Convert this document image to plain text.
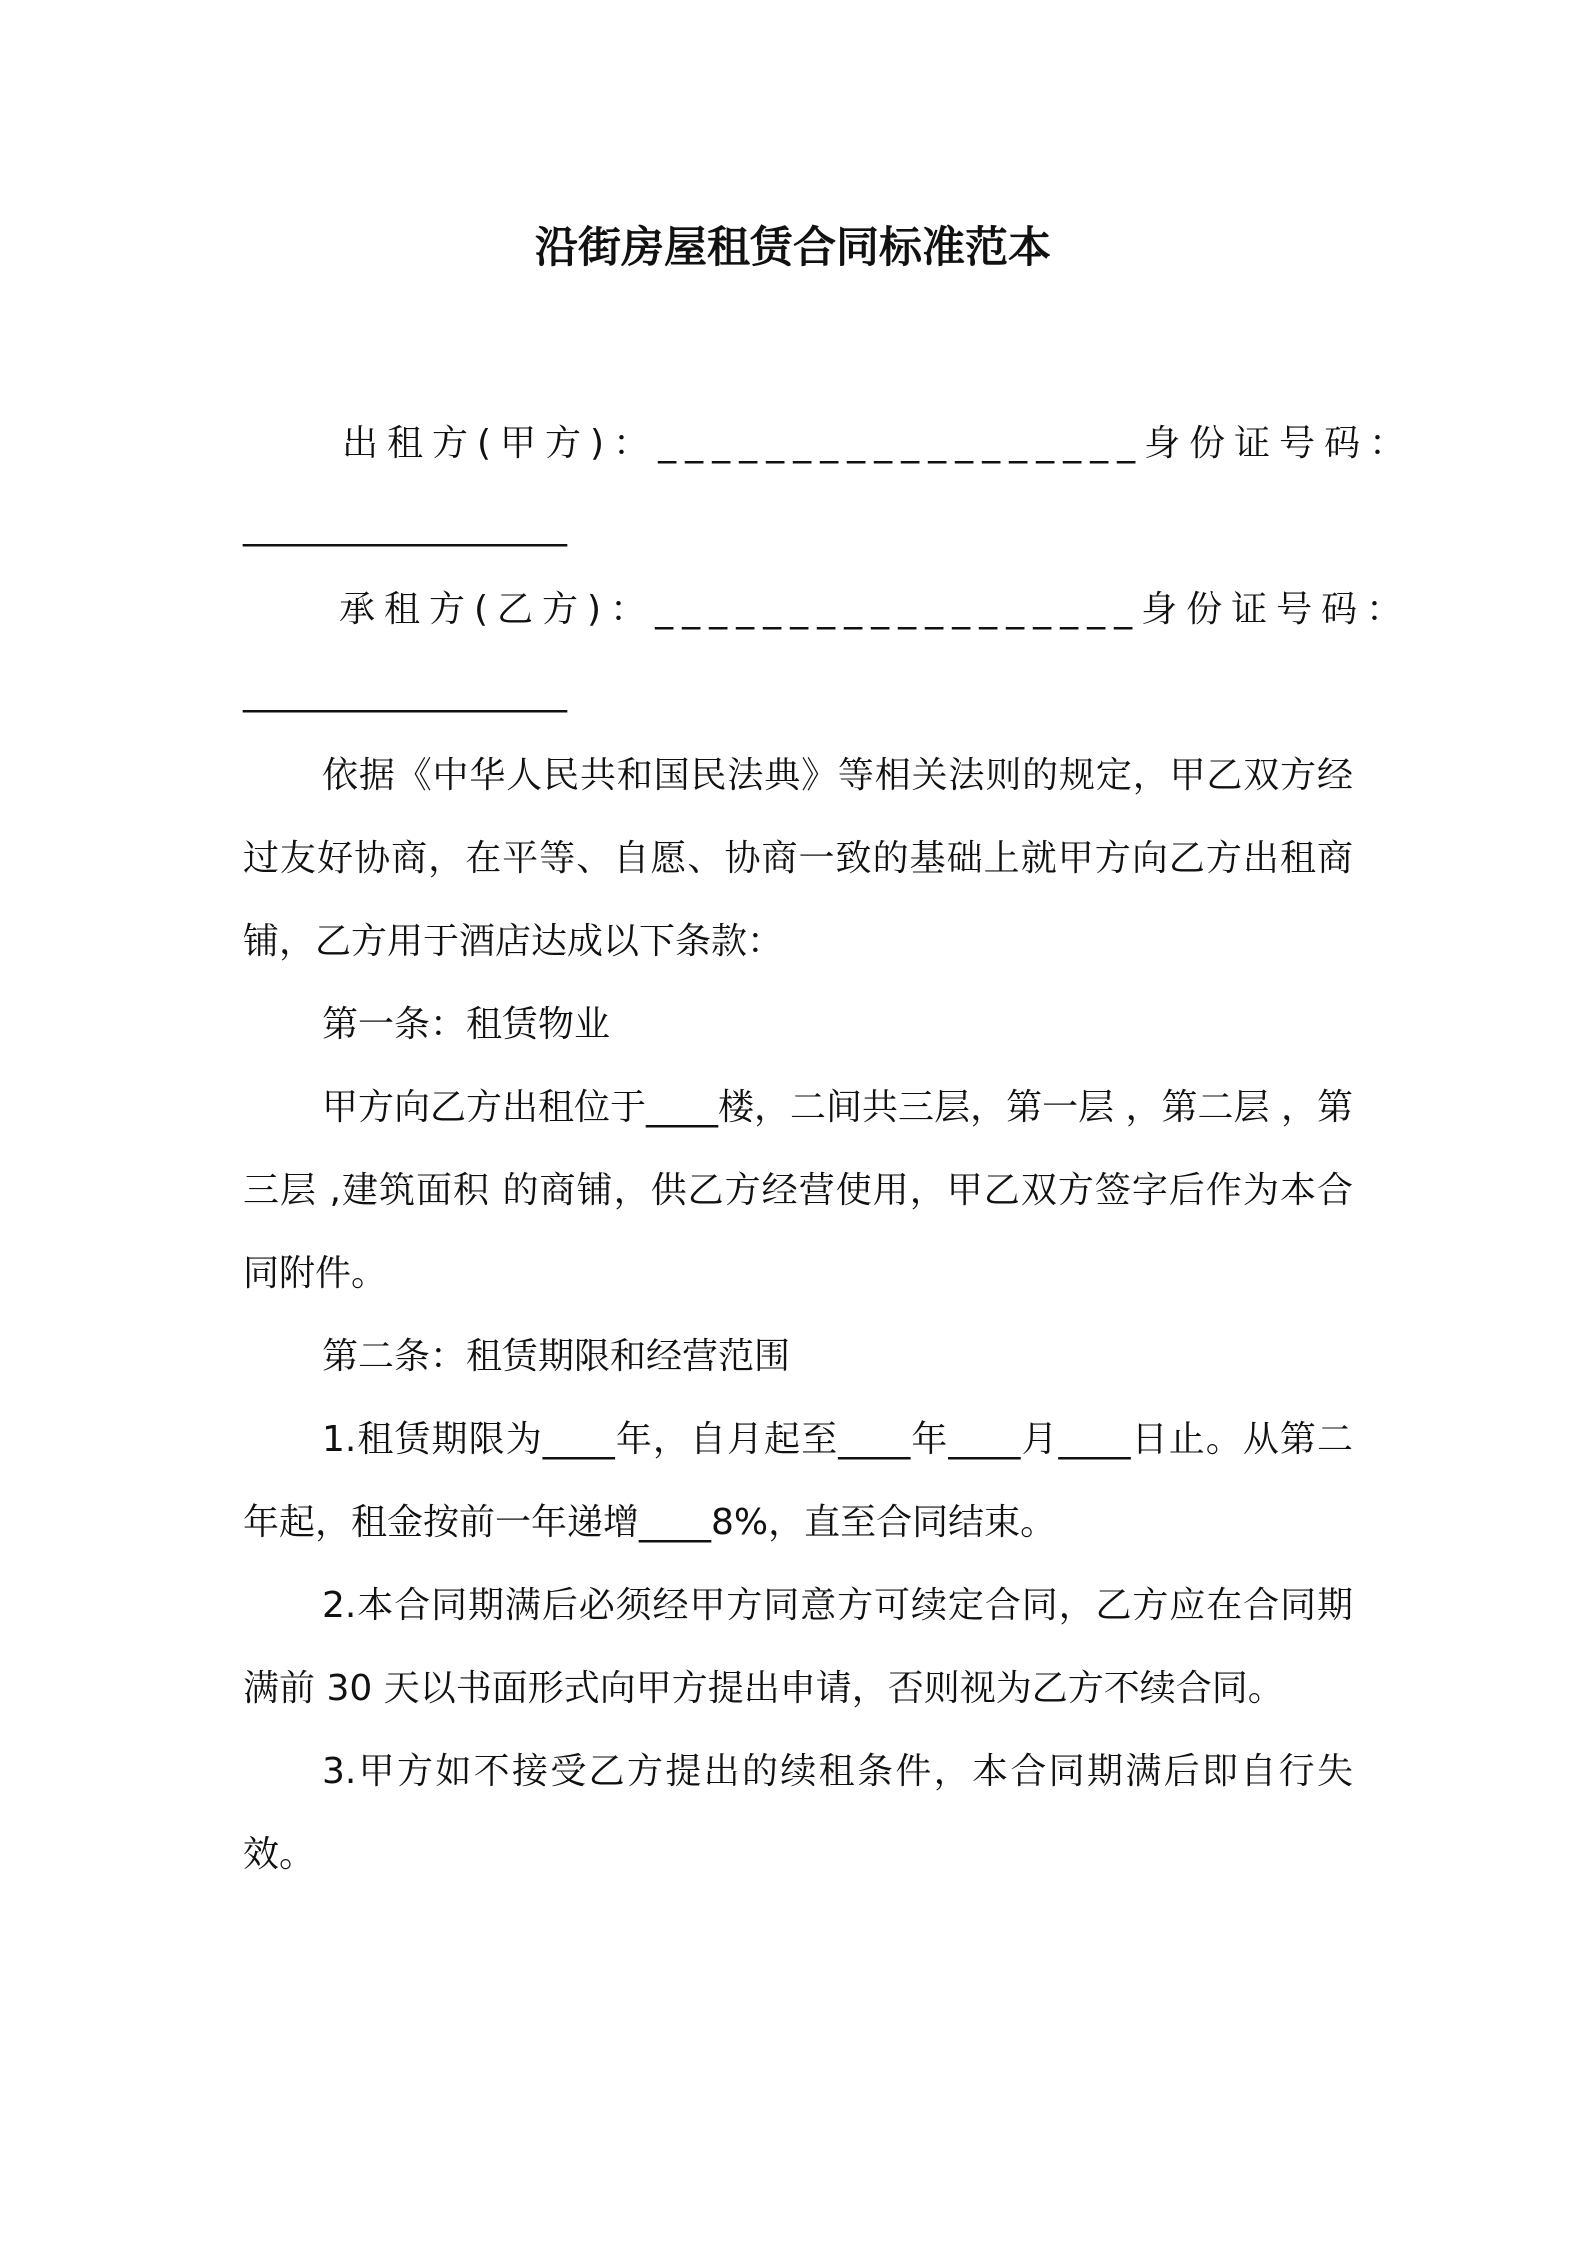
沿街房屋租赁合同标准范本
出租方(甲方)： __________________ 身份证号码：
__________________
承租方(乙方)： __________________ 身份证号码：
__________________

依据《中华人民共和国民法典》等相关法则的规定，甲乙双方经过友好协商，在平等、自愿、协商一致的基础上就甲方向乙方出租商铺，乙方用于酒店达成以下条款：

第一条：租赁物业

甲方向乙方出租位于____楼，二间共三层，第一层 ，第二层 ，第三层 ,建筑面积 的商铺，供乙方经营使用，甲乙双方签字后作为本合同附件。

第二条：租赁期限和经营范围

1.租赁期限为____年，自月起至____年____月____日止。从第二年起，租金按前一年递增____8%，直至合同结束。

2.本合同期满后必须经甲方同意方可续定合同，乙方应在合同期满前 30 天以书面形式向甲方提出申请，否则视为乙方不续合同。

3.甲方如不接受乙方提出的续租条件，本合同期满后即自行失效。
